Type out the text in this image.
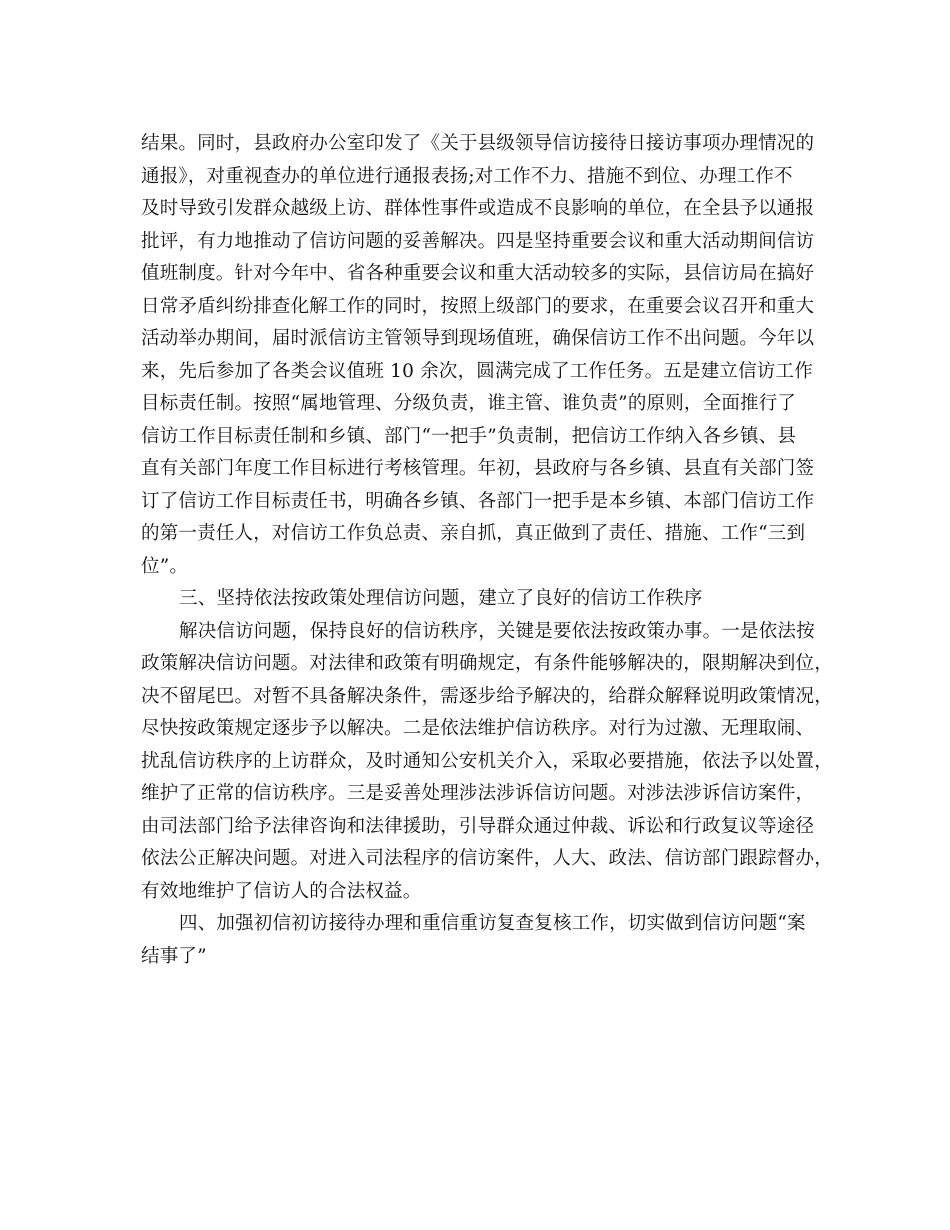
结果。同时，县政府办公室印发了《关于县级领导信访接待日接访事项办理情况的
通报》，对重视查办的单位进行通报表扬;对工作不力、措施不到位、办理工作不
及时导致引发群众越级上访、群体性事件或造成不良影响的单位，在全县予以通报
批评，有力地推动了信访问题的妥善解决。四是坚持重要会议和重大活动期间信访
值班制度。针对今年中、省各种重要会议和重大活动较多的实际，县信访局在搞好
日常矛盾纠纷排查化解工作的同时，按照上级部门的要求，在重要会议召开和重大
活动举办期间，届时派信访主管领导到现场值班，确保信访工作不出问题。今年以
来，先后参加了各类会议值班 10 余次，圆满完成了工作任务。五是建立信访工作
目标责任制。按照“属地管理、分级负责，谁主管、谁负责”的原则，全面推行了
信访工作目标责任制和乡镇、部门“一把手”负责制，把信访工作纳入各乡镇、县
直有关部门年度工作目标进行考核管理。年初，县政府与各乡镇、县直有关部门签
订了信访工作目标责任书，明确各乡镇、各部门一把手是本乡镇、本部门信访工作
的第一责任人，对信访工作负总责、亲自抓，真正做到了责任、措施、工作“三到
位”。
三、坚持依法按政策处理信访问题，建立了良好的信访工作秩序
解决信访问题，保持良好的信访秩序，关键是要依法按政策办事。一是依法按
政策解决信访问题。对法律和政策有明确规定，有条件能够解决的，限期解决到位，
决不留尾巴。对暂不具备解决条件，需逐步给予解决的，给群众解释说明政策情况，
尽快按政策规定逐步予以解决。二是依法维护信访秩序。对行为过激、无理取闹、
扰乱信访秩序的上访群众，及时通知公安机关介入，采取必要措施，依法予以处置，
维护了正常的信访秩序。三是妥善处理涉法涉诉信访问题。对涉法涉诉信访案件，
由司法部门给予法律咨询和法律援助，引导群众通过仲裁、诉讼和行政复议等途径
依法公正解决问题。对进入司法程序的信访案件，人大、政法、信访部门跟踪督办，
有效地维护了信访人的合法权益。
四、加强初信初访接待办理和重信重访复查复核工作，切实做到信访问题“案
结事了”
